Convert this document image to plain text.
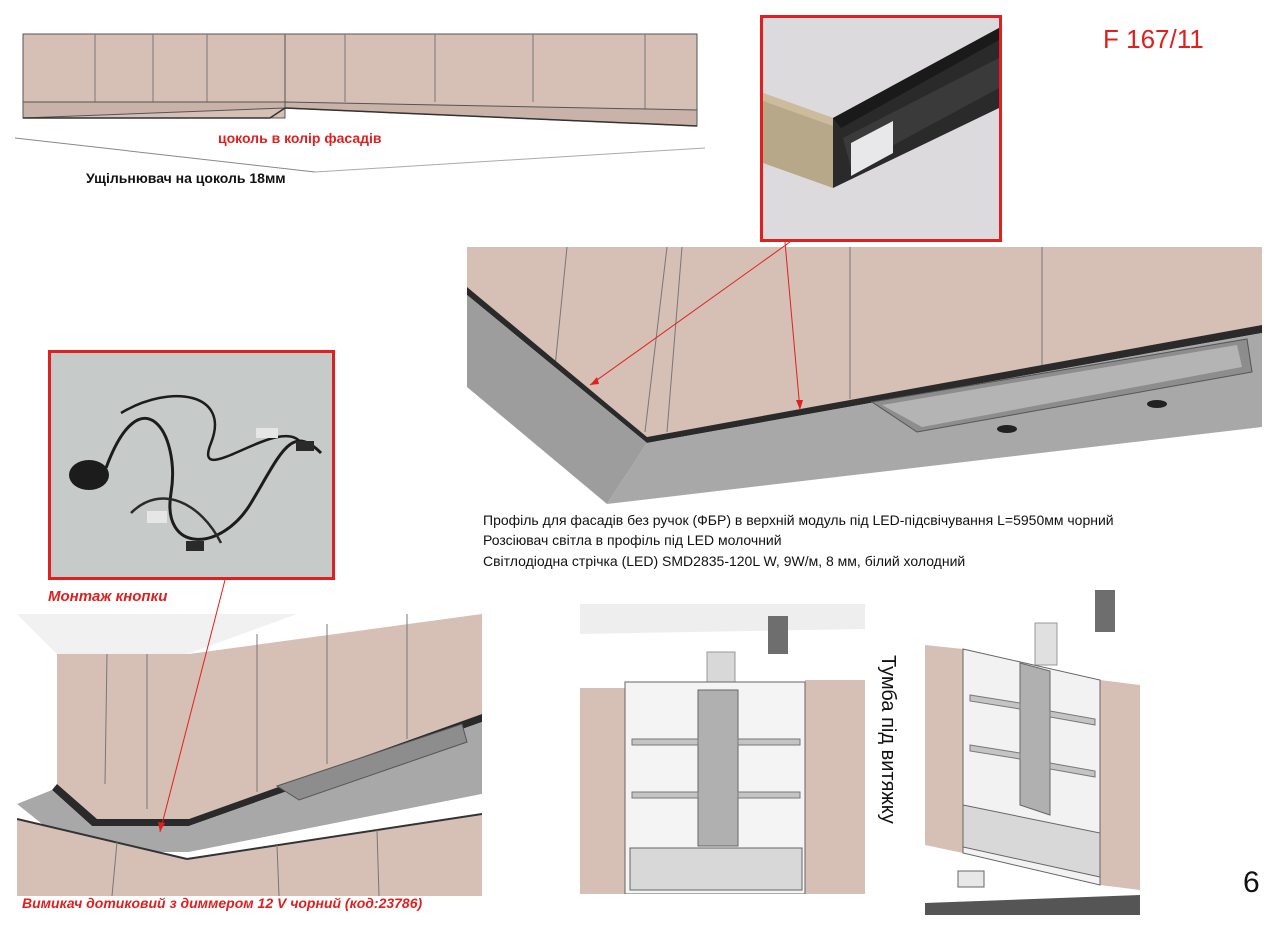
F 167/11
цоколь в колір фасадів
Ущільнювач на цоколь 18мм
Профіль для фасадів без ручок (ФБР) в верхній модуль під LED-підсвічування L=5950мм чорний
Розсіювач світла в профіль під LED молочний
Світлодіодна стрічка (LED) SMD2835-120L W, 9W/м, 8 мм, білий холодний
Монтаж кнопки
Вимикач дотиковий з диммером 12 V чорний (код:23786)
Тумба під витяжку
6
